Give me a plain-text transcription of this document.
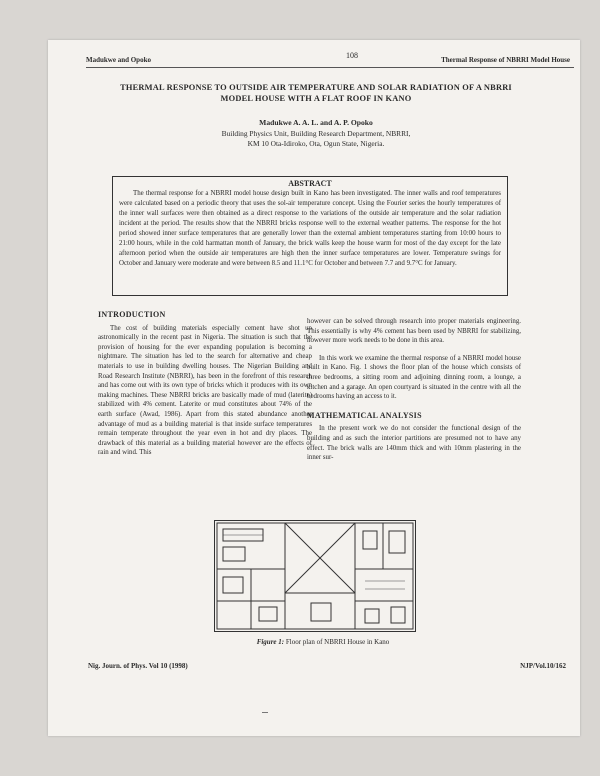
Madukwe and Opoko	108	Thermal Response of NBRRI Model House
THERMAL RESPONSE TO OUTSIDE AIR TEMPERATURE AND SOLAR RADIATION OF A NBRRI MODEL HOUSE WITH A FLAT ROOF IN KANO
Madukwe A. A. L. and A. P. Opoko
Building Physics Unit, Building Research Department, NBRRI,
KM 10 Ota-Idiroko, Ota, Ogun State, Nigeria.
ABSTRACT
The thermal response for a NBRRI model house design built in Kano has been investigated. The inner walls and roof temperatures were calculated based on a periodic theory that uses the sol-air temperature concept. Using the Fourier series the hourly temperatures of the inner wall surfaces were then obtained as a direct response to the variations of the outside air temperature and the solar radiation incident at the period. The results show that the NBRRI bricks response well to the external weather patterns. The response for the hot period showed inner surface temperatures that are generally lower than the external ambient temperatures starting from 10:00 hours to 21:00 hours, while in the cold harmattan month of January, the brick walls keep the house warm for most of the day except for the late afternoon period when the outside air temperatures are high then the inner surface temperatures are lower. Temperature swings for October and January were moderate and were between 8.5 and 11.1°C for October and between 7.7 and 9.7°C for January.
INTRODUCTION

The cost of building materials especially cement have shot up astronomically in the recent past in Nigeria. The situation is such that the provision of housing for the ever expanding population is becoming a nightmare. The situation has led to the search for alternative and cheap materials to use in building dwelling houses. The Nigerian Building and Road Research Institute (NBRRI), has been in the forefront of this research and has come out with its own type of bricks which it produces with its own making machines. These NBRRI bricks are basically made of mud (laterite) stabilized with 4% cement. Laterite or mud constitutes about 74% of the earth surface (Awad, 1986). Apart from this stated abundance another advantage of mud as a building material is that inside surface temperatures remain temperate throughout the year even in hot and dry places. The drawback of this material as a building material however are the effects of rain and wind. This

however can be solved through research into proper materials engineering. This essentially is why 4% cement has been used by NBRRI for stabilizing, however more work needs to be done in this area.

In this work we examine the thermal response of a NBRRI model house built in Kano. Fig. 1 shows the floor plan of the house which consists of three bedrooms, a sitting room and adjoining dinning room, a lounge, a kitchen and a garage. An open courtyard is situated in the centre with all the bedrooms having an access to it.

MATHEMATICAL ANALYSIS

In the present work we do not consider the functional design of the building and as such the interior partitions are presumed not to have any effect. The brick walls are 140mm thick and with 10mm plastering in the inner sur-

Figure 1: Floor plan of NBRRI House in Kano
Nig. Journ. of Phys. Vol 10 (1998)	NJP/Vol.10/162
